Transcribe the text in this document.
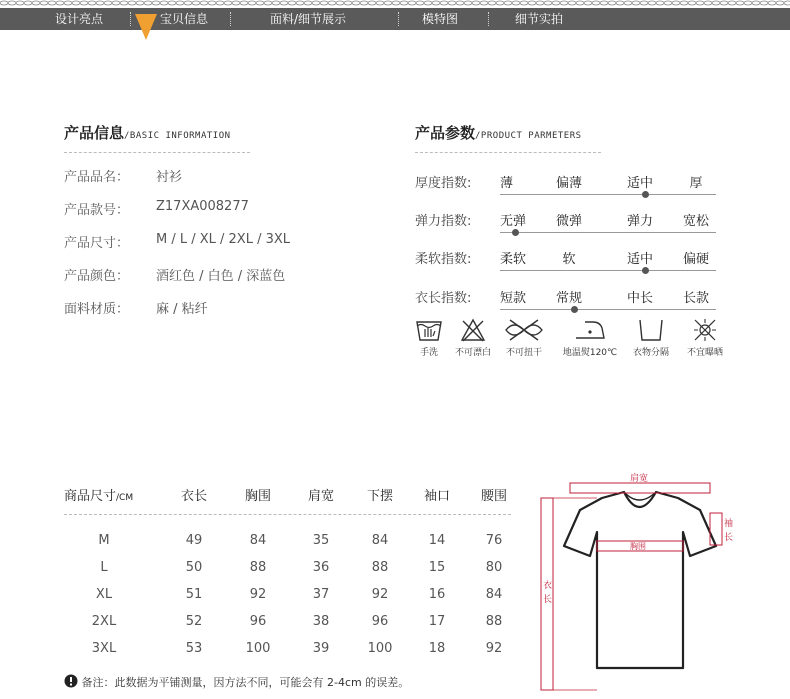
设计亮点	宝贝信息	面料/细节展示	模特图	细节实拍
产品信息/BASIC INFORMATION
产品品名： 衬衫
产品款号： Z17XA008277
产品尺寸： M / L / XL / 2XL / 3XL
产品颜色： 酒红色 / 白色 / 深蓝色
面料材质： 麻 / 粘纤
产品参数/PRODUCT PARMETERS
厚度指数: 薄	偏薄	适中	厚
弹力指数: 无弹	微弹	弹力	宽松
柔软指数: 柔软	软	适中	偏硬
衣长指数: 短款	常规	中长	长款
手洗	不可漂白	不可扭干	地温熨120℃	衣物分隔	不宜曝晒
商品尺寸/CM	衣长	胸围	肩宽	下摆	袖口	腰围
M	49	84	35	84	14	76
L	50	88	36	88	15	80
XL	51	92	37	92	16	84
2XL	52	96	38	96	17	88
3XL	53	100	39	100	18	92
备注：此数据为平铺测量，因方法不同，可能会有 2-4cm 的误差。
肩宽
袖
长
胸围
衣
长
